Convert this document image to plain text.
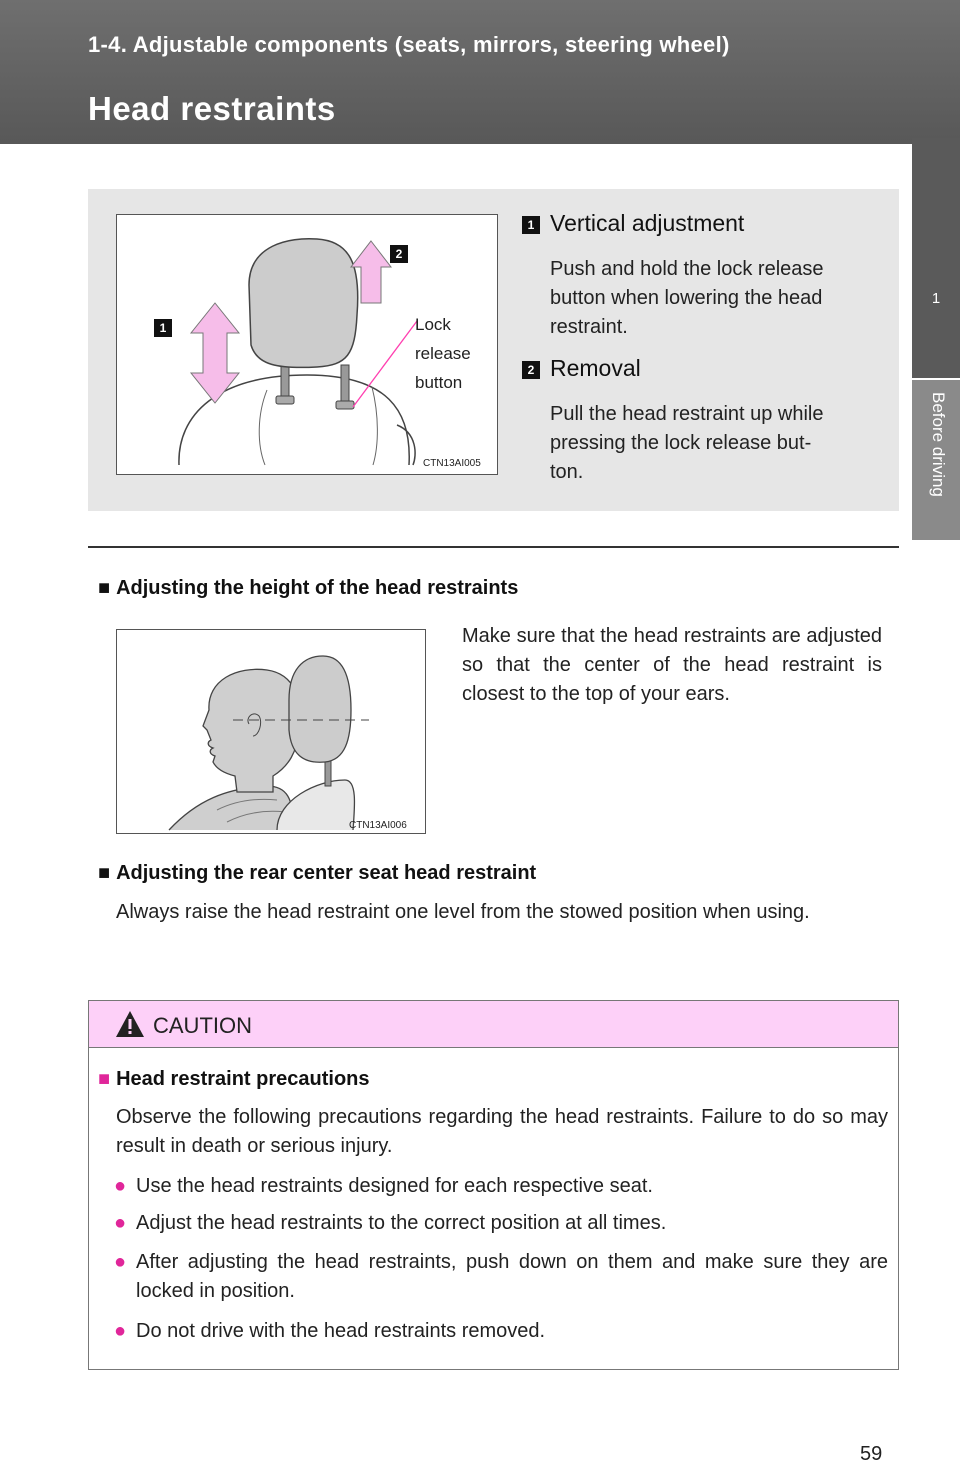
1-4. Adjustable components (seats, mirrors, steering wheel)
Head restraints
1
Before driving
1
2
Lock
release
button
CTN13AI005
1 Vertical adjustment
Push and hold the lock release
button when lowering the head
restraint.
2 Removal
Pull the head restraint up while
pressing the lock release but-
ton.
■ Adjusting the height of the head restraints
CTN13AI006
Make sure that the head restraints are adjusted so that the center of the head restraint is closest to the top of your ears.
■ Adjusting the rear center seat head restraint
Always raise the head restraint one level from the stowed position when using.
CAUTION
■ Head restraint precautions
Observe the following precautions regarding the head restraints. Failure to do so may result in death or serious injury.
● Use the head restraints designed for each respective seat.
● Adjust the head restraints to the correct position at all times.
● After adjusting the head restraints, push down on them and make sure they are locked in position.
● Do not drive with the head restraints removed.
59
